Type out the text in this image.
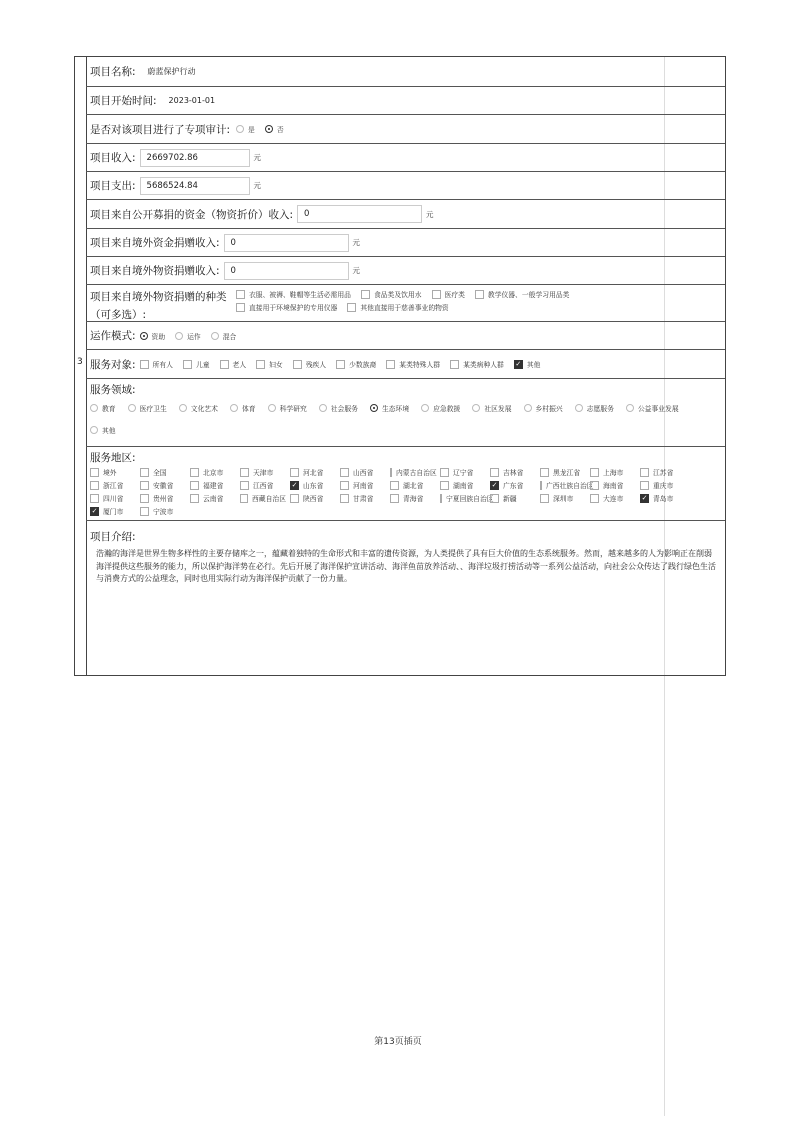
3
项目名称: 蔚蓝保护行动
项目开始时间: 2023-01-01
是否对该项目进行了专项审计:	是	否
项目收入:	2669702.86	元
项目支出:	5686524.84	元
项目来自公开募捐的资金（物资折价）收入:	0	元
项目来自境外资金捐赠收入:	0	元
项目来自境外物资捐赠收入:	0	元
项目来自境外物资捐赠的种类
（可多选）:
衣服、被褥、鞋帽等生活必需用品	食品类及饮用水	医疗类	教学仪器、一般学习用品类
直接用于环境保护的专用仪器	其他直接用于慈善事业的物资
运作模式: 资助	运作	混合
服务对象:	所有人	儿童	老人	妇女	残疾人	少数族裔	某类特殊人群	某类病种人群 ✓ 其他
服务领域:
教育	医疗卫生	文化艺术	体育	科学研究	社会服务	生态环境	应急救援	社区发展	乡村振兴	志愿服务	公益事业发展
其他
服务地区:
境外	全国	北京市	天津市	河北省	山西省	内蒙古自治区 辽宁省	吉林省	黑龙江省	上海市	江苏省
浙江省	安徽省	福建省	江西省	✓ 山东省	河南省	湖北省	湖南省	✓ 广东省	广西壮族自治区 海南省	重庆市
四川省	贵州省	云南省	西藏自治区	陕西省	甘肃省	青海省	宁夏回族自治区 新疆	深圳市	大连市	✓ 青岛市
✓ 厦门市	宁波市
项目介绍:
浩瀚的海洋是世界生物多样性的主要存储库之一，蕴藏着独特的生命形式和丰富的遗传资源，为人类提供了具有巨大价值的生态系统服务。然而，越来越多的人为影响正在削弱海洋提供这些服务的能力，所以保护海洋势在必行。先后开展了海洋保护宣讲活动、海洋鱼苗放养活动、、海洋垃圾打捞活动等一系列公益活动，向社会公众传达了践行绿色生活与消费方式的公益理念，同时也用实际行动为海洋保护贡献了一份力量。
第13页插页
